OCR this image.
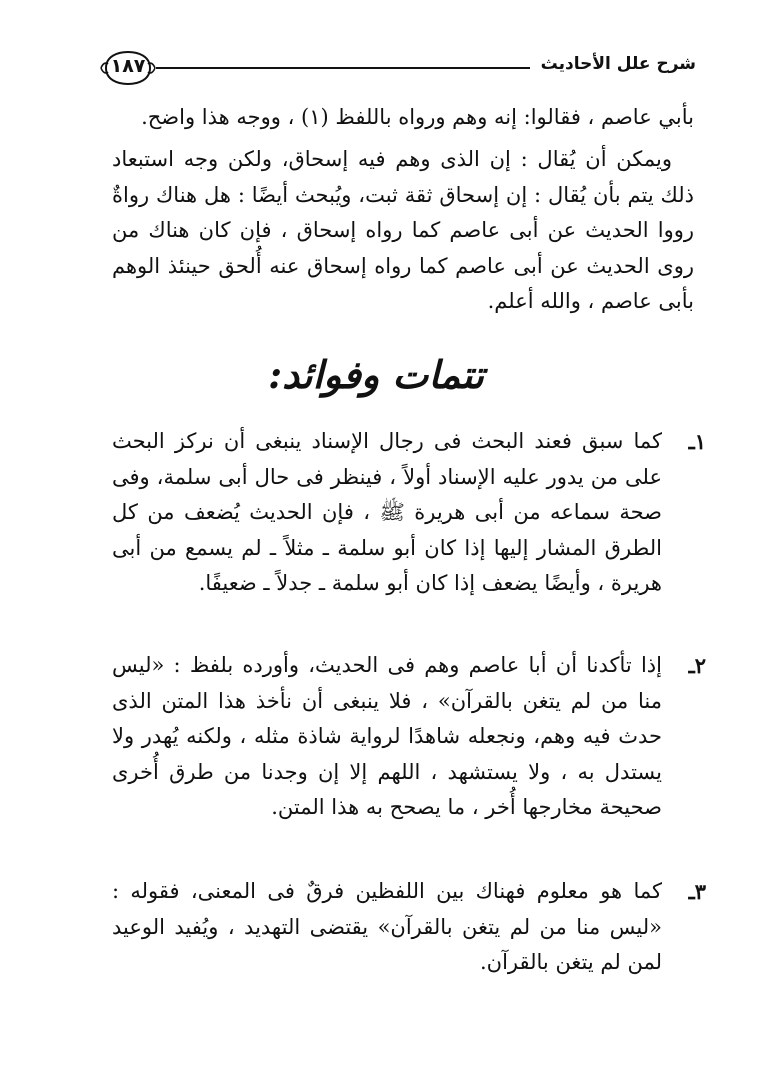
شرح علل الأحاديث
١٨٧

بأبي عاصم ، فقالوا: إنه وهم ورواه باللفظ (١) ، ووجه هذا واضح.

ويمكن أن يُقال : إن الذى وهم فيه إسحاق، ولكن وجه استبعاد ذلك يتم بأن يُقال : إن إسحاق ثقة ثبت، ويُبحث أيضًا : هل هناك رواةٌ رووا الحديث عن أبى عاصم كما رواه إسحاق ، فإن كان هناك من روى الحديث عن أبى عاصم كما رواه إسحاق عنه أُلحق حينئذ الوهم بأبى عاصم ، والله أعلم.

تتمات وفوائد:
١ـ

كما سبق فعند البحث فى رجال الإسناد ينبغى أن نركز البحث على من يدور عليه الإسناد أولاً ، فينظر فى حال أبى سلمة، وفى صحة سماعه من أبى هريرة ﷺ ، فإن الحديث يُضعف من كل الطرق المشار إليها إذا كان أبو سلمة ـ مثلاً ـ لم يسمع من أبى هريرة ، وأيضًا يضعف إذا كان أبو سلمة ـ جدلاً ـ ضعيفًا.

٢ـ

إذا تأكدنا أن أبا عاصم وهم فى الحديث، وأورده بلفظ : «ليس منا من لم يتغن بالقرآن» ، فلا ينبغى أن نأخذ هذا المتن الذى حدث فيه وهم، ونجعله شاهدًا لرواية شاذة مثله ، ولكنه يُهدر ولا يستدل به ، ولا يستشهد ، اللهم إلا إن وجدنا من طرق أُخرى صحيحة مخارجها أُخر ، ما يصحح به هذا المتن.

٣ـ

كما هو معلوم فهناك بين اللفظين فرقٌ فى المعنى، فقوله : «ليس منا من لم يتغن بالقرآن» يقتضى التهديد ، ويُفيد الوعيد لمن لم يتغن بالقرآن.
